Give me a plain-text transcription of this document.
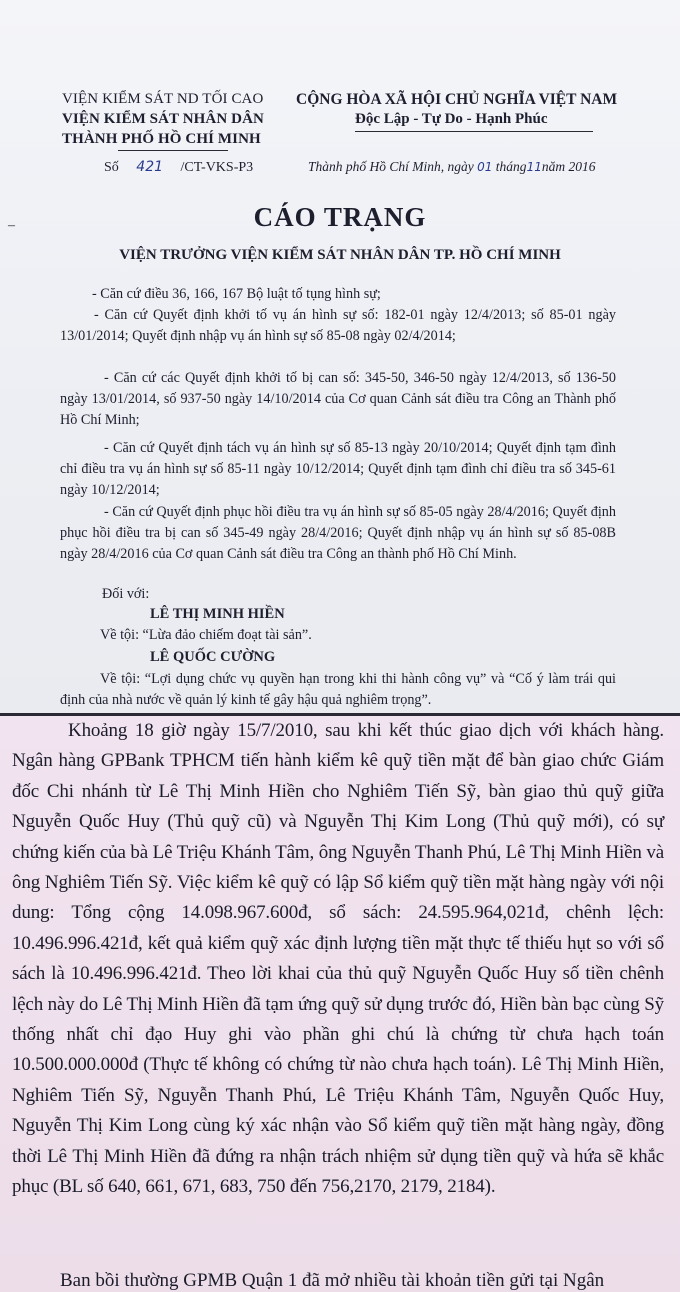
VIỆN KIỂM SÁT ND TỐI CAO
VIỆN KIỂM SÁT NHÂN DÂN
THÀNH PHỐ HỒ CHÍ MINH
CỘNG HÒA XÃ HỘI CHỦ NGHĨA VIỆT NAM
Độc Lập - Tự Do - Hạnh Phúc
Số 421 /CT-VKS-P3	Thành phố Hồ Chí Minh, ngày 01 tháng11năm 2016
–	CÁO TRẠNG
VIỆN TRƯỞNG VIỆN KIỂM SÁT NHÂN DÂN TP. HỒ CHÍ MINH
- Căn cứ điều 36, 166, 167 Bộ luật tố tụng hình sự;
- Căn cứ Quyết định khởi tố vụ án hình sự số: 182-01 ngày 12/4/2013; số 85-01 ngày 13/01/2014; Quyết định nhập vụ án hình sự số 85-08 ngày 02/4/2014;
- Căn cứ các Quyết định khởi tố bị can số: 345-50, 346-50 ngày 12/4/2013, số 136-50 ngày 13/01/2014, số 937-50 ngày 14/10/2014 của Cơ quan Cảnh sát điều tra Công an Thành phố Hồ Chí Minh;
- Căn cứ Quyết định tách vụ án hình sự số 85-13 ngày 20/10/2014; Quyết định tạm đình chỉ điều tra vụ án hình sự số 85-11 ngày 10/12/2014; Quyết định tạm đình chỉ điều tra số 345-61 ngày 10/12/2014;
- Căn cứ Quyết định phục hồi điều tra vụ án hình sự số 85-05 ngày 28/4/2016; Quyết định phục hồi điều tra bị can số 345-49 ngày 28/4/2016; Quyết định nhập vụ án hình sự số 85-08B ngày 28/4/2016 của Cơ quan Cảnh sát điều tra Công an thành phố Hồ Chí Minh.
Đối với:
LÊ THỊ MINH HIỀN
Về tội: “Lừa đảo chiếm đoạt tài sản”.
LÊ QUỐC CƯỜNG
Về tội: “Lợi dụng chức vụ quyền hạn trong khi thi hành công vụ” và “Cố ý làm trái qui định của nhà nước về quản lý kinh tế gây hậu quả nghiêm trọng”.
Khoảng 18 giờ ngày 15/7/2010, sau khi kết thúc giao dịch với khách hàng. Ngân hàng GPBank TPHCM tiến hành kiểm kê quỹ tiền mặt để bàn giao chức Giám đốc Chi nhánh từ Lê Thị Minh Hiền cho Nghiêm Tiến Sỹ, bàn giao thủ quỹ giữa Nguyễn Quốc Huy (Thủ quỹ cũ) và Nguyễn Thị Kim Long (Thủ quỹ mới), có sự chứng kiến của bà Lê Triệu Khánh Tâm, ông Nguyễn Thanh Phú, Lê Thị Minh Hiền và ông Nghiêm Tiến Sỹ. Việc kiểm kê quỹ có lập Sổ kiểm quỹ tiền mặt hàng ngày với nội dung: Tổng cộng 14.098.967.600đ, sổ sách: 24.595.964,021đ, chênh lệch: 10.496.996.421đ, kết quả kiểm quỹ xác định lượng tiền mặt thực tế thiếu hụt so với sổ sách là 10.496.996.421đ. Theo lời khai của thủ quỹ Nguyễn Quốc Huy số tiền chênh lệch này do Lê Thị Minh Hiền đã tạm ứng quỹ sử dụng trước đó, Hiền bàn bạc cùng Sỹ thống nhất chỉ đạo Huy ghi vào phần ghi chú là chứng từ chưa hạch toán 10.500.000.000đ (Thực tế không có chứng từ nào chưa hạch toán). Lê Thị Minh Hiền, Nghiêm Tiến Sỹ, Nguyễn Thanh Phú, Lê Triệu Khánh Tâm, Nguyễn Quốc Huy, Nguyễn Thị Kim Long cùng ký xác nhận vào Sổ kiểm quỹ tiền mặt hàng ngày, đồng thời Lê Thị Minh Hiền đã đứng ra nhận trách nhiệm sử dụng tiền quỹ và hứa sẽ khắc phục (BL số 640, 661, 671, 683, 750 đến 756,2170, 2179, 2184).
Ban bồi thường GPMB Quận 1 đã mở nhiều tài khoản tiền gửi tại Ngân
